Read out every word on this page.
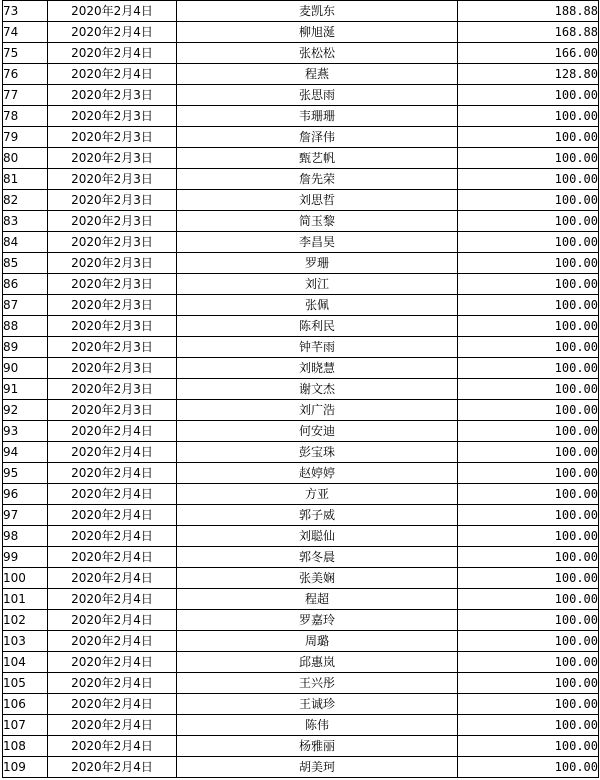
73	2020年2月4日	麦凯东	188.88
74	2020年2月4日	柳旭涎	168.88
75	2020年2月4日	张松松	166.00
76	2020年2月4日	程燕	128.80
77	2020年2月3日	张思雨	100.00
78	2020年2月3日	韦珊珊	100.00
79	2020年2月3日	詹泽伟	100.00
80	2020年2月3日	甄艺帆	100.00
81	2020年2月3日	詹先荣	100.00
82	2020年2月3日	刘思哲	100.00
83	2020年2月3日	简玉黎	100.00
84	2020年2月3日	李昌昊	100.00
85	2020年2月3日	罗珊	100.00
86	2020年2月3日	刘江	100.00
87	2020年2月3日	张佩	100.00
88	2020年2月3日	陈利民	100.00
89	2020年2月3日	钟芊雨	100.00
90	2020年2月3日	刘晓慧	100.00
91	2020年2月3日	谢文杰	100.00
92	2020年2月3日	刘广浩	100.00
93	2020年2月4日	何安迪	100.00
94	2020年2月4日	彭宝珠	100.00
95	2020年2月4日	赵婷婷	100.00
96	2020年2月4日	方亚	100.00
97	2020年2月4日	郭子威	100.00
98	2020年2月4日	刘聪仙	100.00
99	2020年2月4日	郭冬晨	100.00
100	2020年2月4日	张美娴	100.00
101	2020年2月4日	程超	100.00
102	2020年2月4日	罗嘉玲	100.00
103	2020年2月4日	周璐	100.00
104	2020年2月4日	邱惠岚	100.00
105	2020年2月4日	王兴彤	100.00
106	2020年2月4日	王诚珍	100.00
107	2020年2月4日	陈伟	100.00
108	2020年2月4日	杨雅丽	100.00
109	2020年2月4日	胡美珂	100.00
